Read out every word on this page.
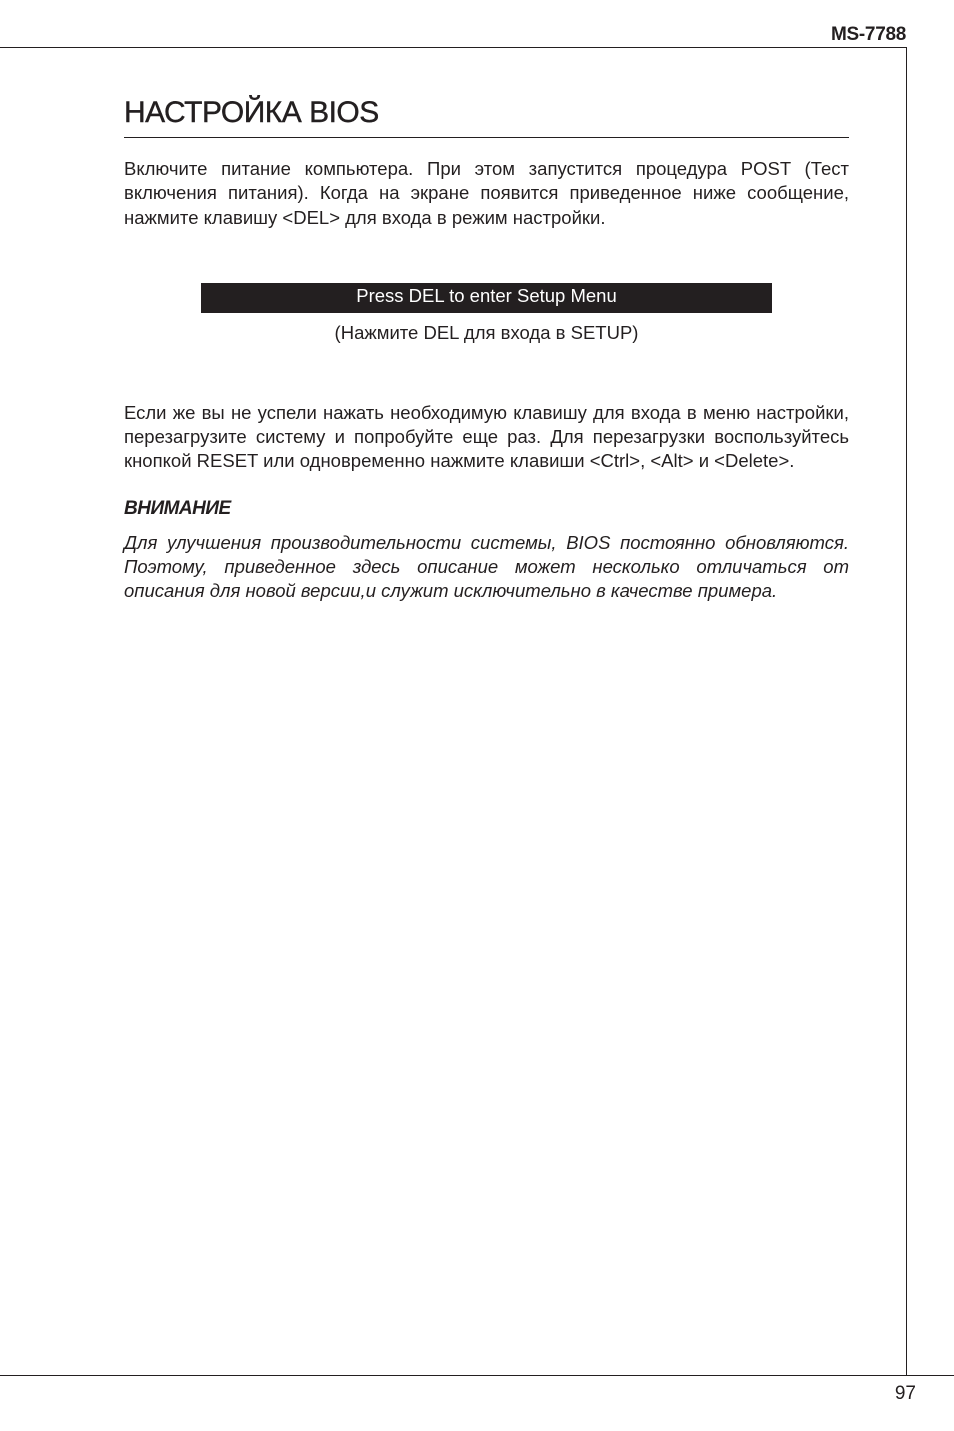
MS-7788
НАСТРОЙКА BIOS

Включите питание компьютера. При этом запустится процедура POST (Тест включения питания). Когда на экране появится приведенное ниже сообщение, нажмите клавишу <DEL> для входа в режим настройки.

Press DEL to enter Setup Menu
(Нажмите DEL для входа в SETUP)

Если же вы не успели нажать необходимую клавишу для входа в меню настройки, перезагрузите систему и попробуйте еще раз. Для перезагрузки воспользуйтесь кнопкой RESET или одновременно нажмите клавиши <Ctrl>, <Alt> и <Delete>.

ВНИМАНИЕ
Для улучшения производительности системы, BIOS постоянно обновляются. Поэтому, приведенное здесь описание может несколько отличаться от описания для новой версии,и служит исключительно в качестве примера.
97
